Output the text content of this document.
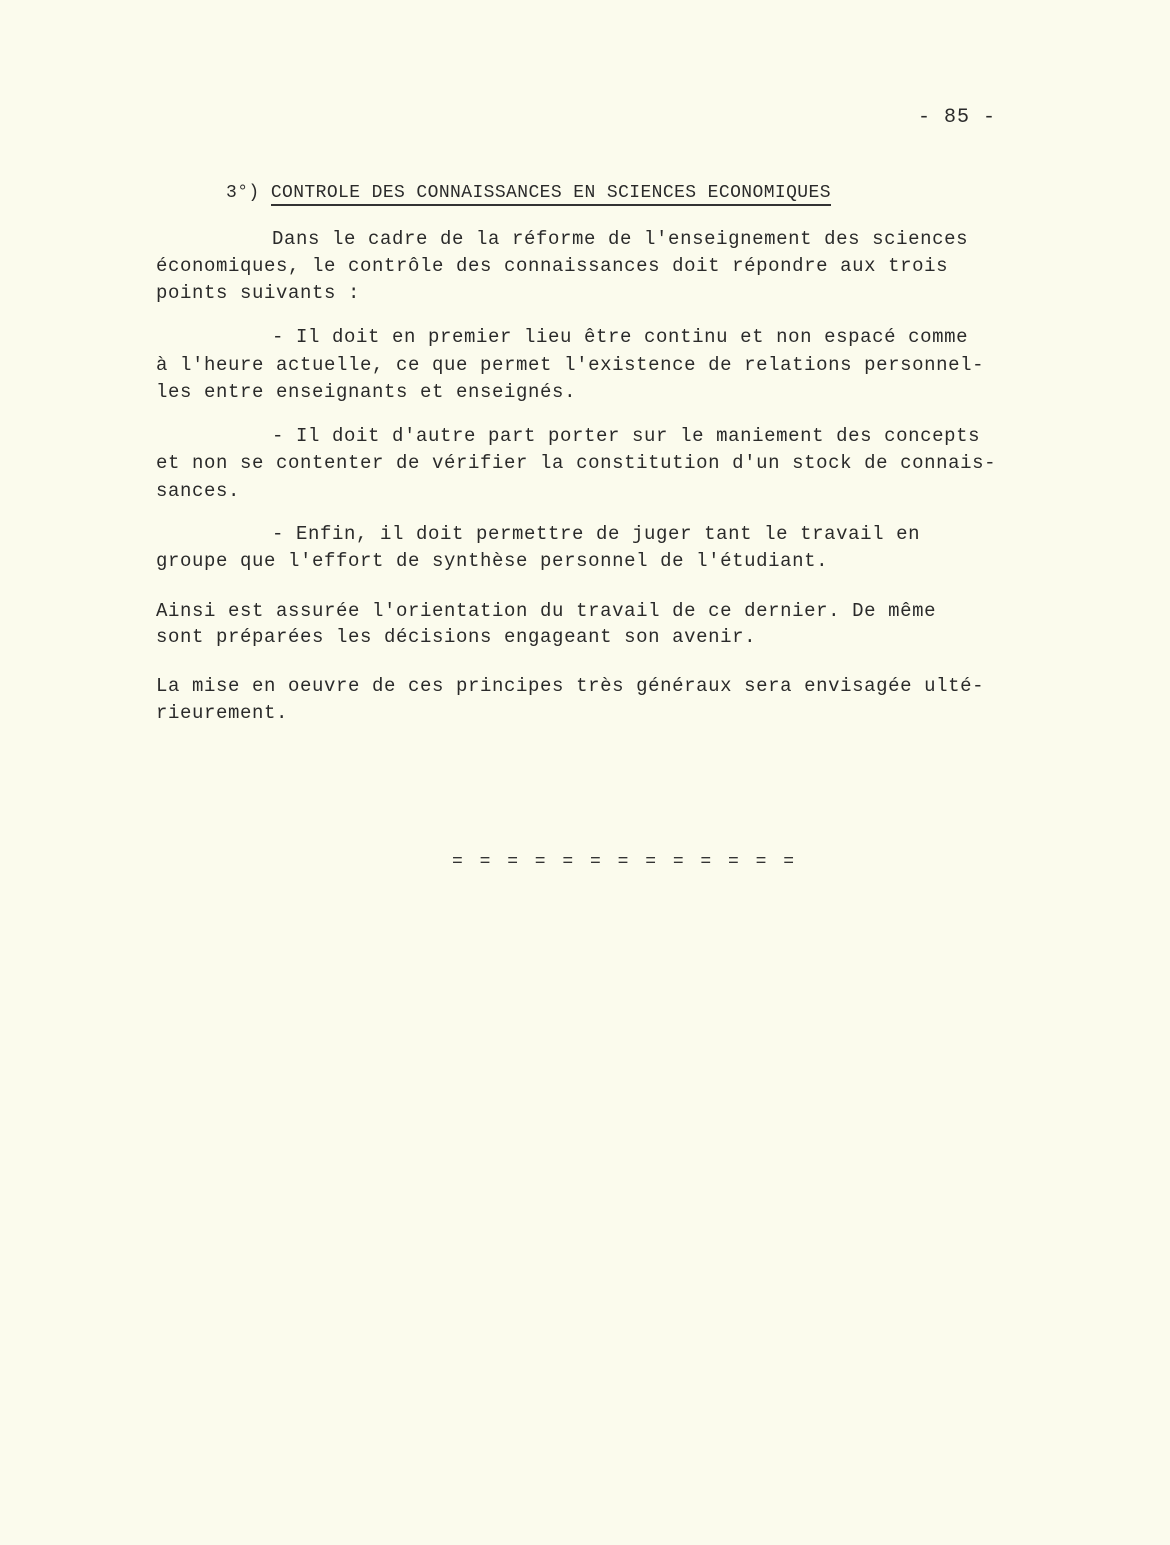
- 85 -
3°) CONTROLE DES CONNAISSANCES EN SCIENCES ECONOMIQUES
Dans le cadre de la réforme de l'enseignement des sciences
économiques, le contrôle des connaissances doit répondre aux trois
points suivants :
- Il doit en premier lieu être continu et non espacé comme
à l'heure actuelle, ce que permet l'existence de relations personnel-
les entre enseignants et enseignés.
- Il doit d'autre part porter sur le maniement des concepts
et non se contenter de vérifier la constitution d'un stock de connais-
sances.
- Enfin, il doit permettre de juger tant le travail en
groupe que l'effort de synthèse personnel de l'étudiant.
Ainsi est assurée l'orientation du travail de ce dernier. De même
sont préparées les décisions engageant son avenir.
La mise en oeuvre de ces principes très généraux sera envisagée ulté-
rieurement.
= = = = = = = = = = = = =
